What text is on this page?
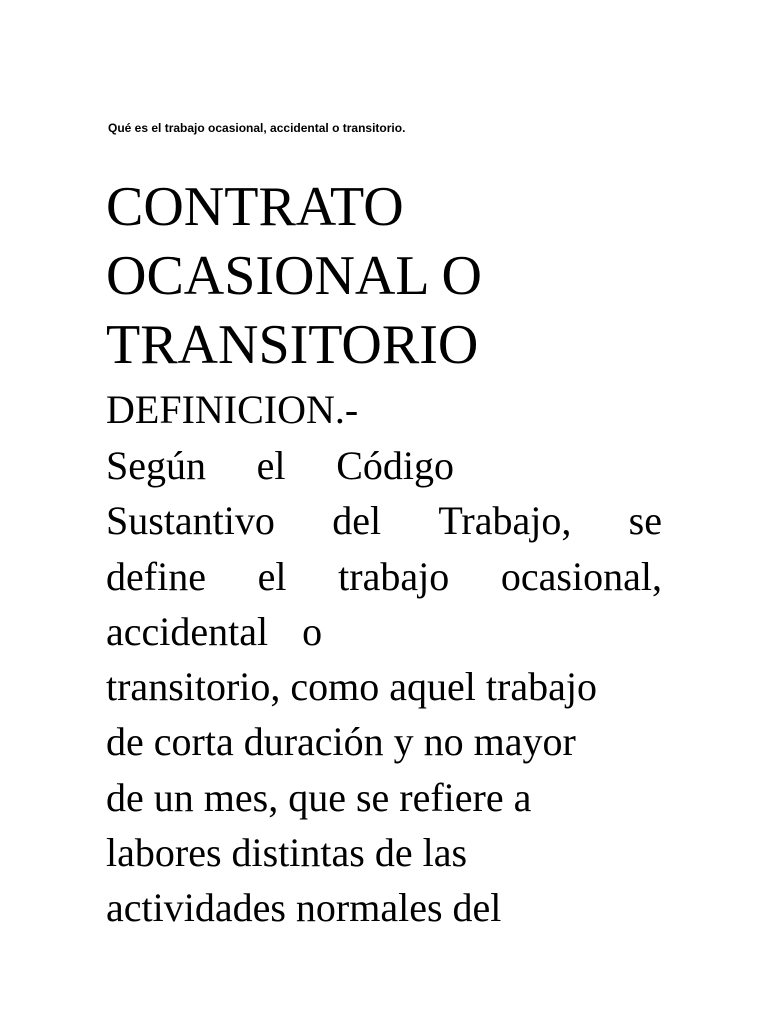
Qué es el trabajo ocasional, accidental o transitorio.
CONTRATO
OCASIONAL O
TRANSITORIO
DEFINICION.-
Según el Código
Sustantivo del Trabajo, se
define el trabajo ocasional,
accidental o
transitorio, como aquel trabajo
de corta duración y no mayor
de un mes, que se refiere a
labores distintas de las
actividades normales del
